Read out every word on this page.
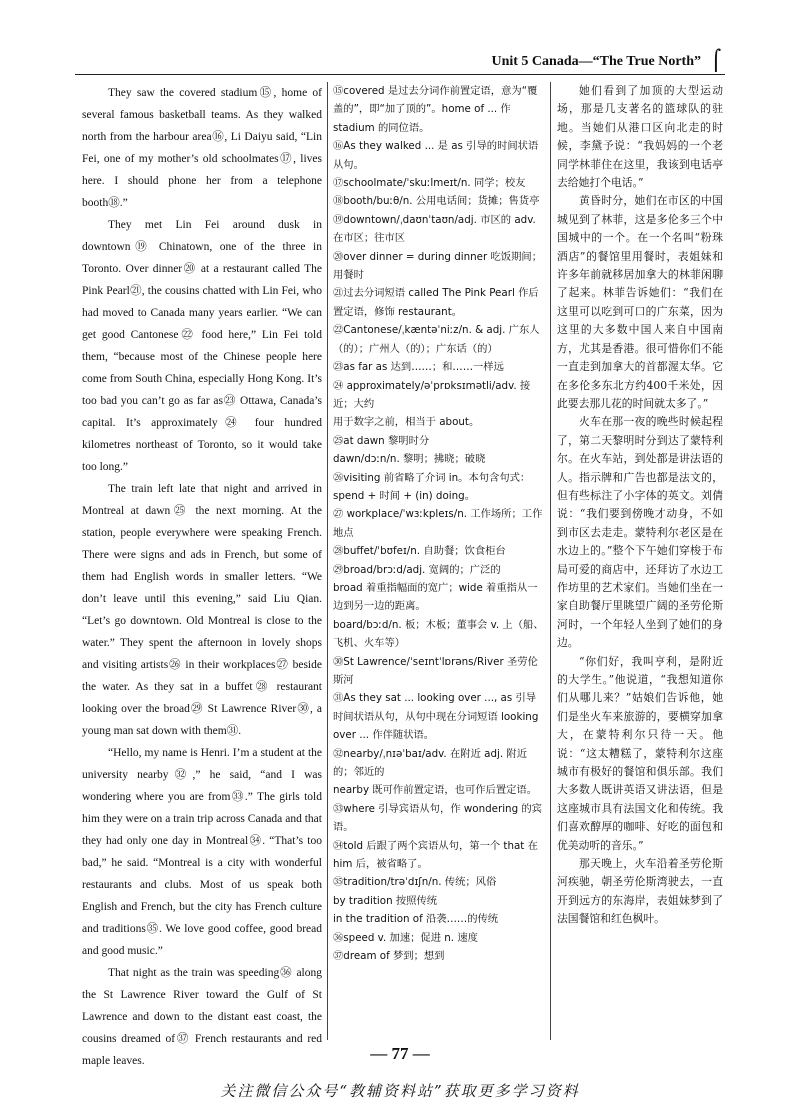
Unit 5 Canada—“The True North” ⌠

They saw the covered stadium⑮, home of several famous basketball teams. As they walked north from the harbour area⑯, Li Daiyu said, “Lin Fei, one of my mother’s old schoolmates⑰, lives here. I should phone her from a telephone booth⑱.”

They met Lin Fei around dusk in downtown⑲ Chinatown, one of the three in Toronto. Over dinner⑳ at a restaurant called The Pink Pearl㉑, the cousins chatted with Lin Fei, who had moved to Canada many years earlier. “We can get good Cantonese㉒ food here,” Lin Fei told them, “because most of the Chinese people here come from South China, especially Hong Kong. It’s too bad you can’t go as far as㉓ Ottawa, Canada’s capital. It’s approximately㉔ four hundred kilometres northeast of Toronto, so it would take too long.”

The train left late that night and arrived in Montreal at dawn㉕ the next morning. At the station, people everywhere were speaking French. There were signs and ads in French, but some of them had English words in smaller letters. “We don’t leave until this evening,” said Liu Qian. “Let’s go downtown. Old Montreal is close to the water.” They spent the afternoon in lovely shops and visiting artists㉖ in their workplaces㉗ beside the water. As they sat in a buffet㉘ restaurant looking over the broad㉙ St Lawrence River㉚, a young man sat down with them㉛.

“Hello, my name is Henri. I’m a student at the university nearby㉜,” he said, “and I was wondering where you are from㉝.” The girls told him they were on a train trip across Canada and that they had only one day in Montreal㉞. “That’s too bad,” he said. “Montreal is a city with wonderful restaurants and clubs. Most of us speak both English and French, but the city has French culture and traditions㉟. We love good coffee, good bread and good music.”

That night as the train was speeding㊱ along the St Lawrence River toward the Gulf of St Lawrence and down to the distant east coast, the cousins dreamed of㊲ French restaurants and red maple leaves.

⑮covered 是过去分词作前置定语，意为“覆盖的”，即“加了顶的”。home of ... 作 stadium 的同位语。

⑯As they walked ... 是 as 引导的时间状语从句。

⑰schoolmate/ˈskuːlmeɪt/n. 同学；校友

⑱booth/buːθ/n. 公用电话间；货摊；售货亭

⑲downtown/ˌdaʊnˈtaʊn/adj. 市区的 adv. 在市区；往市区

⑳over dinner = during dinner 吃饭期间；用餐时

㉑过去分词短语 called The Pink Pearl 作后置定语，修饰 restaurant。

㉒Cantonese/ˌkæntəˈniːz/n. & adj. 广东人（的）；广州人（的）；广东话（的）

㉓as far as 达到……；和……一样远

㉔ approximately/əˈprɒksɪmətli/adv. 接近；大约

用于数字之前，相当于 about。

㉕at dawn 黎明时分

dawn/dɔːn/n. 黎明；拂晓；破晓

㉖visiting 前省略了介词 in。本句含句式：spend + 时间 + (in) doing。

㉗ workplace/ˈwɜːkpleɪs/n. 工作场所；工作地点

㉘buffet/ˈbʊfeɪ/n. 自助餐；饮食柜台

㉙broad/brɔːd/adj. 宽阔的；广泛的

broad 着重指幅面的宽广；wide 着重指从一边到另一边的距离。

board/bɔːd/n. 板；木板；董事会 v. 上（船、飞机、火车等）

㉚St Lawrence/ˈseɪntˈlɒrəns/River 圣劳伦斯河

㉛As they sat ... looking over ..., as 引导时间状语从句，从句中现在分词短语 looking over ... 作伴随状语。

㉜nearby/ˌnɪəˈbaɪ/adv. 在附近 adj. 附近的；邻近的

nearby 既可作前置定语，也可作后置定语。

㉝where 引导宾语从句，作 wondering 的宾语。

㉞told 后跟了两个宾语从句，第一个 that 在 him 后，被省略了。

㉟tradition/trəˈdɪʃn/n. 传统；风俗

by tradition 按照传统

in the tradition of 沿袭……的传统

㊱speed v. 加速；促进 n. 速度

㊲dream of 梦到；想到

她们看到了加顶的大型运动场，那是几支著名的篮球队的驻地。当她们从港口区向北走的时候，李黛予说：“我妈妈的一个老同学林菲住在这里，我该到电话亭去给她打个电话。”

黄昏时分，她们在市区的中国城见到了林菲，这是多伦多三个中国城中的一个。在一个名叫“粉珠酒店”的餐馆里用餐时，表姐妹和许多年前就移居加拿大的林菲闲聊了起来。林菲告诉她们：“我们在这里可以吃到可口的广东菜，因为这里的大多数中国人来自中国南方，尤其是香港。很可惜你们不能一直走到加拿大的首都渥太华。它在多伦多东北方约400千米处，因此要去那儿花的时间就太多了。”

火车在那一夜的晚些时候起程了，第二天黎明时分到达了蒙特利尔。在火车站，到处都是讲法语的人。指示牌和广告也都是法文的，但有些标注了小字体的英文。刘倩说：“我们要到傍晚才动身，不如到市区去走走。蒙特利尔老区是在水边上的。”整个下午她们穿梭于布局可爱的商店中，还拜访了水边工作坊里的艺术家们。当她们坐在一家自助餐厅里眺望广阔的圣劳伦斯河时，一个年轻人坐到了她们的身边。

“你们好，我叫亨利，是附近的大学生。”他说道，“我想知道你们从哪儿来？”姑娘们告诉他，她们是坐火车来旅游的，要横穿加拿大，在蒙特利尔只待一天。他说：“这太糟糕了，蒙特利尔这座城市有极好的餐馆和俱乐部。我们大多数人既讲英语又讲法语，但是这座城市具有法国文化和传统。我们喜欢醇厚的咖啡、好吃的面包和优美动听的音乐。”

那天晚上，火车沿着圣劳伦斯河疾驰，朝圣劳伦斯湾驶去，一直开到远方的东海岸，表姐妹梦到了法国餐馆和红色枫叶。

— 77 —
关注微信公众号“教辅资料站”获取更多学习资料
